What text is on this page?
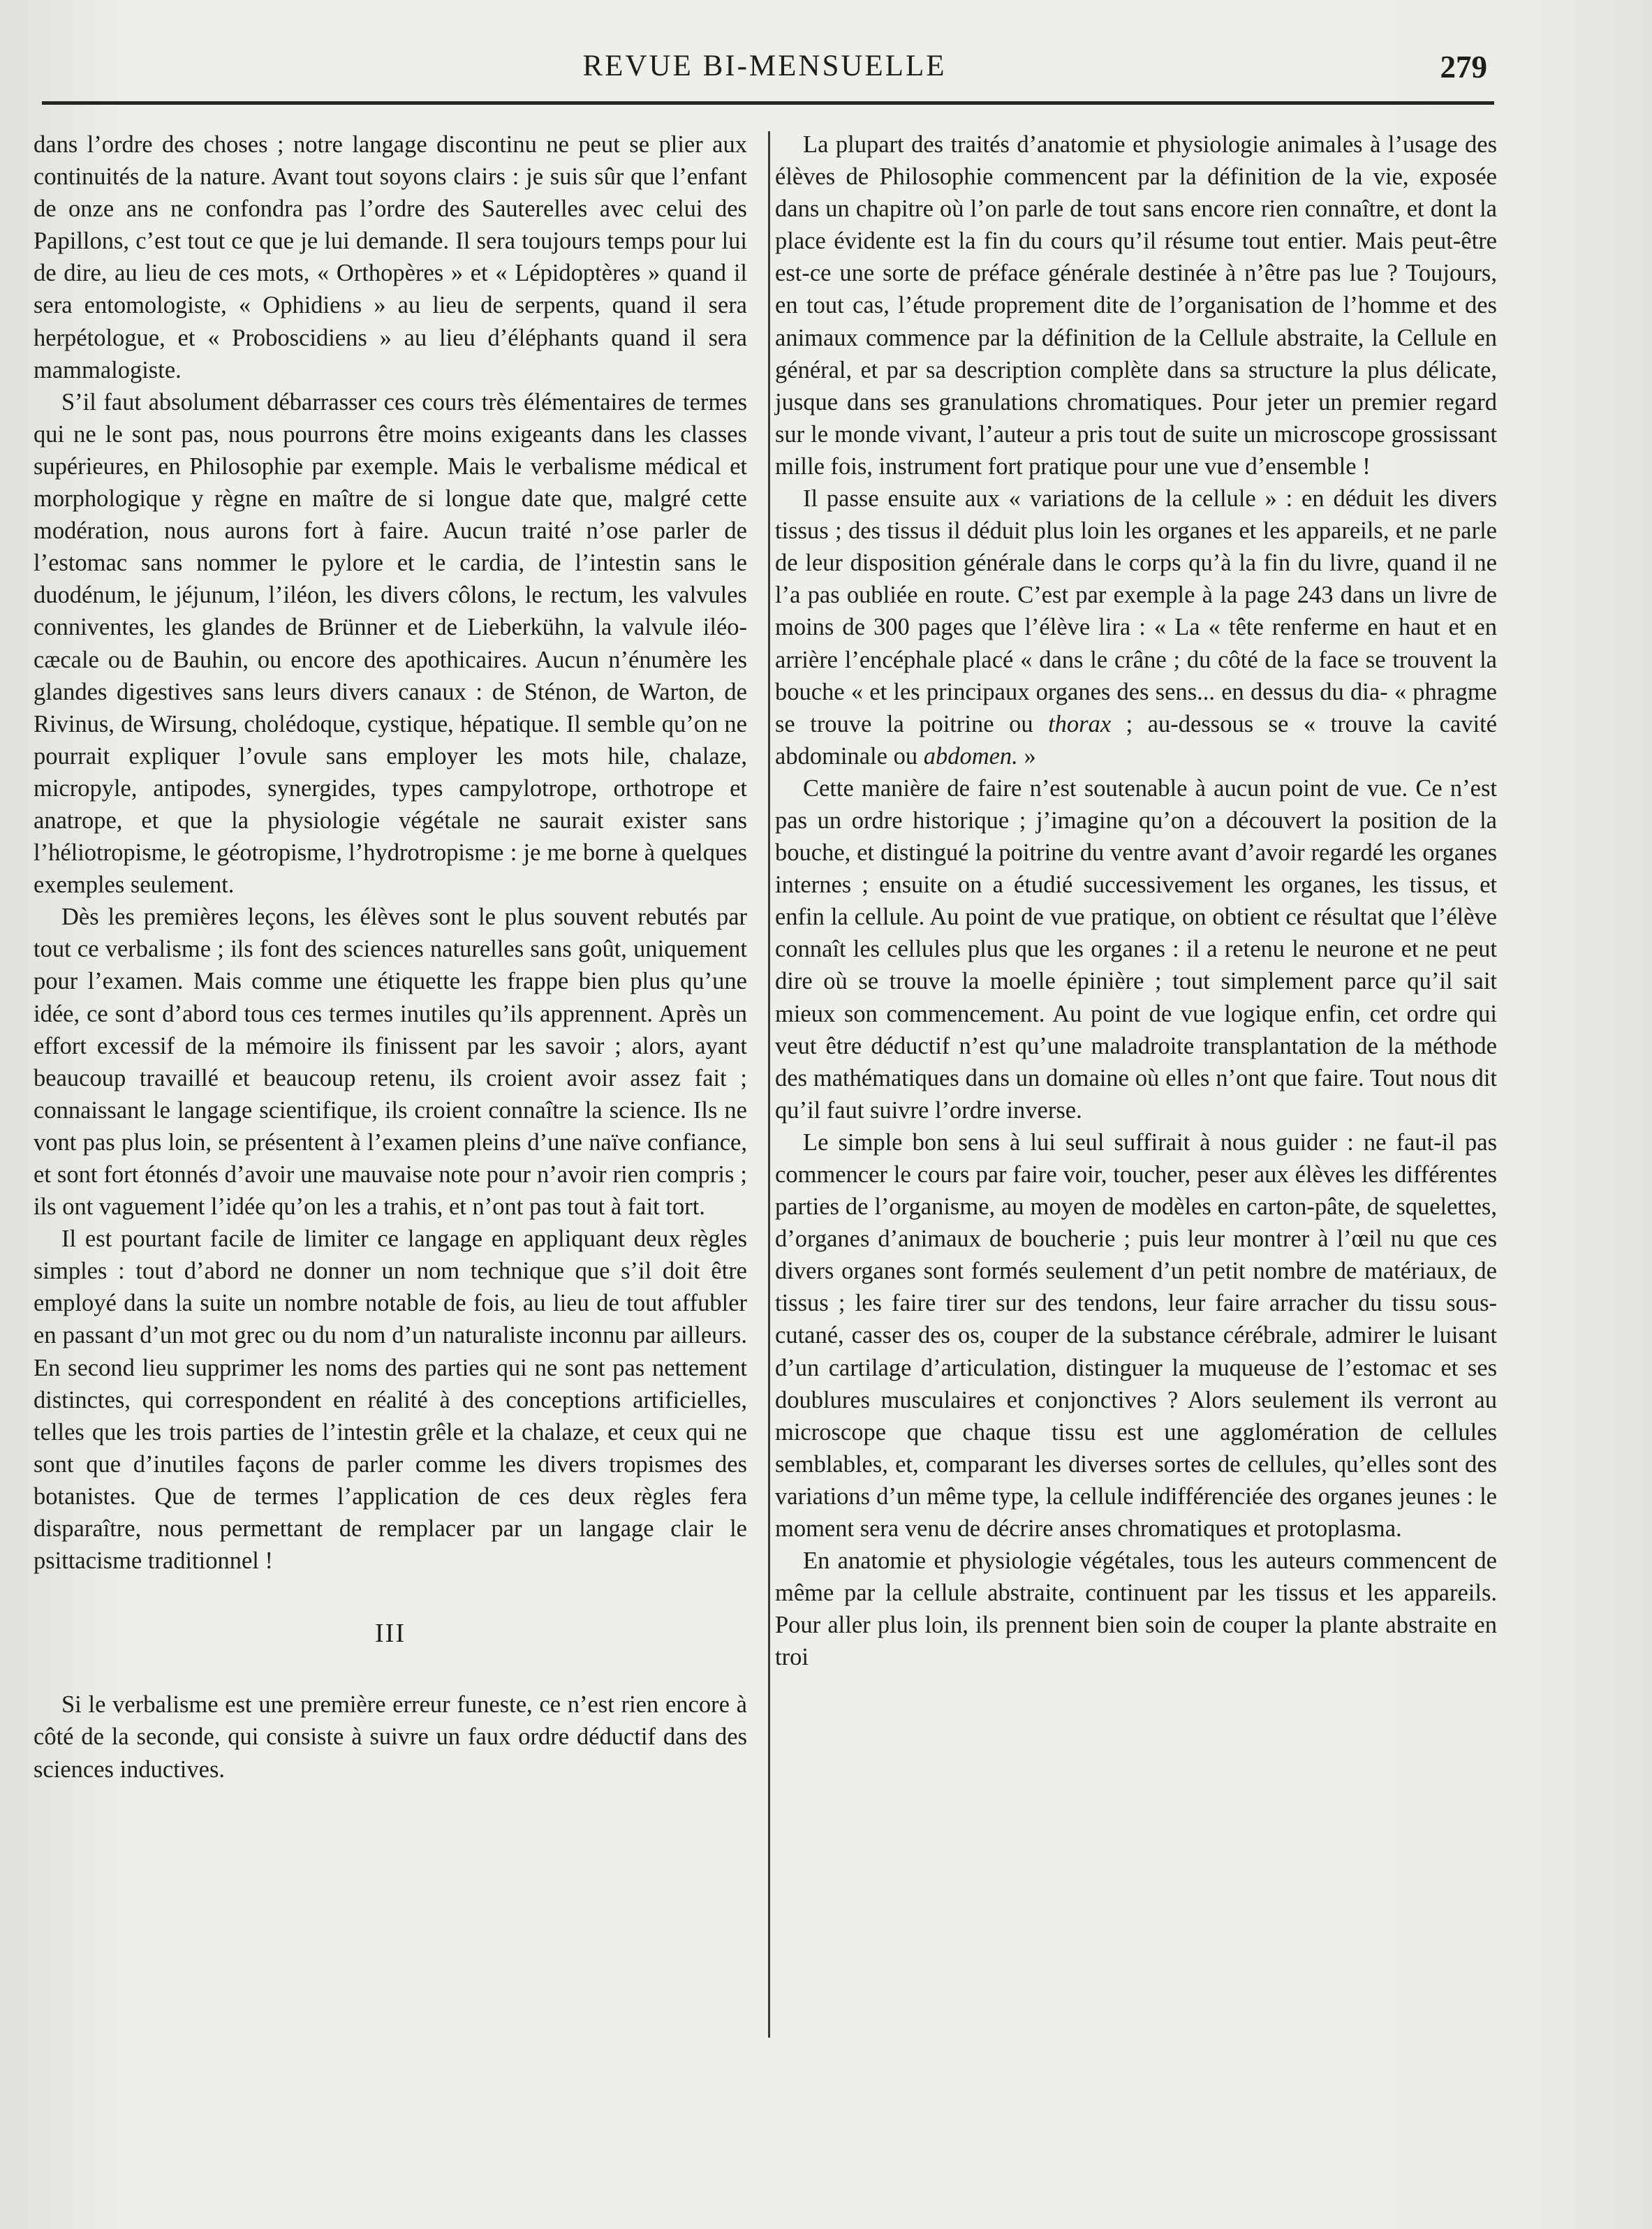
REVUE BI-MENSUELLE	279

dans l’ordre des choses ; notre langage discontinu ne peut se plier aux continuités de la nature. Avant tout soyons clairs : je suis sûr que l’enfant de onze ans ne confondra pas l’ordre des Sauterelles avec celui des Papillons, c’est tout ce que je lui demande. Il sera toujours temps pour lui de dire, au lieu de ces mots, « Orthopères » et « Lépidoptères » quand il sera entomologiste, « Ophidiens » au lieu de serpents, quand il sera herpétologue, et « Proboscidiens » au lieu d’éléphants quand il sera mammalogiste.

S’il faut absolument débarrasser ces cours très élémentaires de termes qui ne le sont pas, nous pourrons être moins exigeants dans les classes supérieures, en Philosophie par exemple. Mais le verbalisme médical et morphologique y règne en maître de si longue date que, malgré cette modération, nous aurons fort à faire. Aucun traité n’ose parler de l’estomac sans nommer le pylore et le cardia, de l’intestin sans le duodénum, le jéjunum, l’iléon, les divers côlons, le rectum, les valvules conniventes, les glandes de Brünner et de Lieberkühn, la valvule iléo-cæcale ou de Bauhin, ou encore des apothicaires. Aucun n’énumère les glandes digestives sans leurs divers canaux : de Sténon, de Warton, de Rivinus, de Wirsung, cholédoque, cystique, hépatique. Il semble qu’on ne pourrait expliquer l’ovule sans employer les mots hile, chalaze, micropyle, antipodes, synergides, types campylotrope, orthotrope et anatrope, et que la physiologie végétale ne saurait exister sans l’héliotropisme, le géotropisme, l’hydrotropisme : je me borne à quelques exemples seulement.

Dès les premières leçons, les élèves sont le plus souvent rebutés par tout ce verbalisme ; ils font des sciences naturelles sans goût, uniquement pour l’examen. Mais comme une étiquette les frappe bien plus qu’une idée, ce sont d’abord tous ces termes inutiles qu’ils apprennent. Après un effort excessif de la mémoire ils finissent par les savoir ; alors, ayant beaucoup travaillé et beaucoup retenu, ils croient avoir assez fait ; connaissant le langage scientifique, ils croient connaître la science. Ils ne vont pas plus loin, se présentent à l’examen pleins d’une naïve confiance, et sont fort étonnés d’avoir une mauvaise note pour n’avoir rien compris ; ils ont vaguement l’idée qu’on les a trahis, et n’ont pas tout à fait tort.

Il est pourtant facile de limiter ce langage en appliquant deux règles simples : tout d’abord ne donner un nom technique que s’il doit être employé dans la suite un nombre notable de fois, au lieu de tout affubler en passant d’un mot grec ou du nom d’un naturaliste inconnu par ailleurs. En second lieu supprimer les noms des parties qui ne sont pas nettement distinctes, qui correspondent en réalité à des conceptions artificielles, telles que les trois parties de l’intestin grêle et la chalaze, et ceux qui ne sont que d’inutiles façons de parler comme les divers tropismes des botanistes. Que de termes l’application de ces deux règles fera disparaître, nous permettant de remplacer par un langage clair le psittacisme traditionnel !

III

Si le verbalisme est une première erreur funeste, ce n’est rien encore à côté de la seconde, qui consiste à suivre un faux ordre déductif dans des sciences inductives.

La plupart des traités d’anatomie et physiologie animales à l’usage des élèves de Philosophie commencent par la définition de la vie, exposée dans un chapitre où l’on parle de tout sans encore rien connaître, et dont la place évidente est la fin du cours qu’il résume tout entier. Mais peut-être est-ce une sorte de préface générale destinée à n’être pas lue ? Toujours, en tout cas, l’étude proprement dite de l’organisation de l’homme et des animaux commence par la définition de la Cellule abstraite, la Cellule en général, et par sa description complète dans sa structure la plus délicate, jusque dans ses granulations chromatiques. Pour jeter un premier regard sur le monde vivant, l’auteur a pris tout de suite un microscope grossissant mille fois, instrument fort pratique pour une vue d’ensemble !

Il passe ensuite aux « variations de la cellule » : en déduit les divers tissus ; des tissus il déduit plus loin les organes et les appareils, et ne parle de leur disposition générale dans le corps qu’à la fin du livre, quand il ne l’a pas oubliée en route. C’est par exemple à la page 243 dans un livre de moins de 300 pages que l’élève lira : « La « tête renferme en haut et en arrière l’encéphale placé « dans le crâne ; du côté de la face se trouvent la bouche « et les principaux organes des sens... en dessus du dia- « phragme se trouve la poitrine ou thorax ; au-dessous se « trouve la cavité abdominale ou abdomen. »

Cette manière de faire n’est soutenable à aucun point de vue. Ce n’est pas un ordre historique ; j’imagine qu’on a découvert la position de la bouche, et distingué la poitrine du ventre avant d’avoir regardé les organes internes ; ensuite on a étudié successivement les organes, les tissus, et enfin la cellule. Au point de vue pratique, on obtient ce résultat que l’élève connaît les cellules plus que les organes : il a retenu le neurone et ne peut dire où se trouve la moelle épinière ; tout simplement parce qu’il sait mieux son commencement. Au point de vue logique enfin, cet ordre qui veut être déductif n’est qu’une maladroite transplantation de la méthode des mathématiques dans un domaine où elles n’ont que faire. Tout nous dit qu’il faut suivre l’ordre inverse.

Le simple bon sens à lui seul suffirait à nous guider : ne faut-il pas commencer le cours par faire voir, toucher, peser aux élèves les différentes parties de l’organisme, au moyen de modèles en carton-pâte, de squelettes, d’organes d’animaux de boucherie ; puis leur montrer à l’œil nu que ces divers organes sont formés seulement d’un petit nombre de matériaux, de tissus ; les faire tirer sur des tendons, leur faire arracher du tissu sous-cutané, casser des os, couper de la substance cérébrale, admirer le luisant d’un cartilage d’articulation, distinguer la muqueuse de l’estomac et ses doublures musculaires et conjonctives ? Alors seulement ils verront au microscope que chaque tissu est une agglomération de cellules semblables, et, comparant les diverses sortes de cellules, qu’elles sont des variations d’un même type, la cellule indifférenciée des organes jeunes : le moment sera venu de décrire anses chromatiques et protoplasma.

En anatomie et physiologie végétales, tous les auteurs commencent de même par la cellule abstraite, continuent par les tissus et les appareils. Pour aller plus loin, ils prennent bien soin de couper la plante abstraite en troi
